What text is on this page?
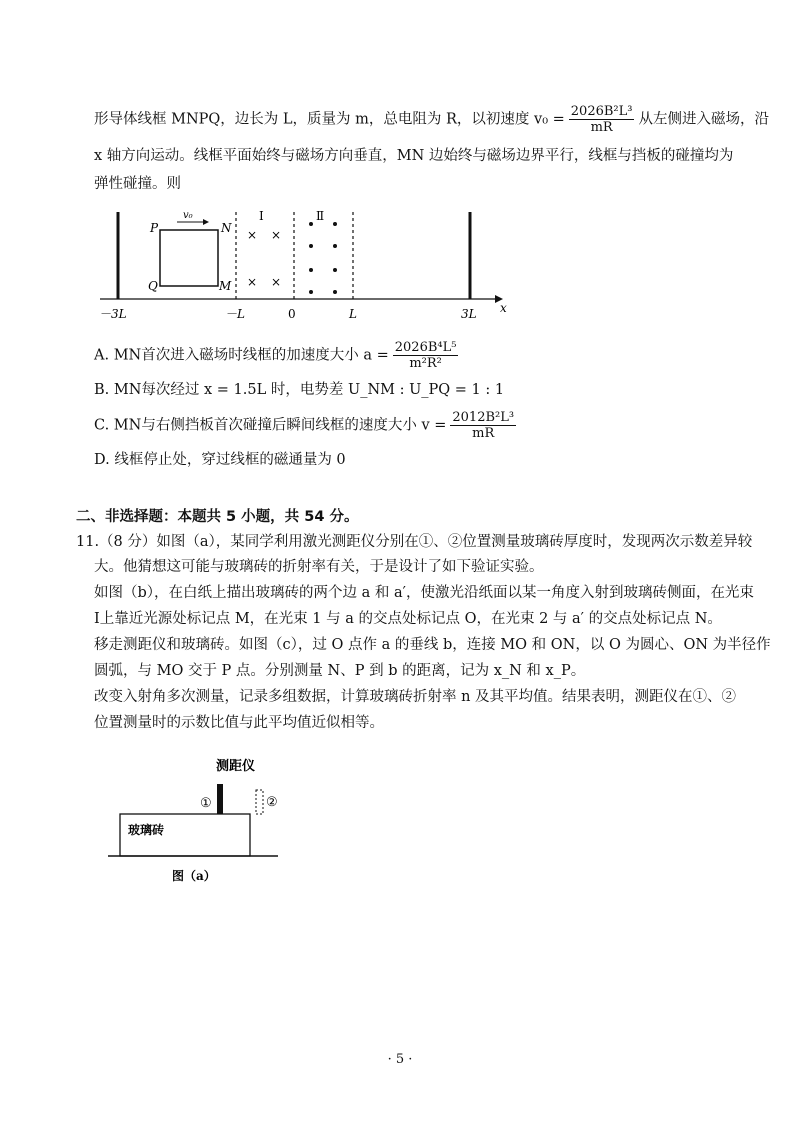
形导体线框 MNPQ，边长为 L，质量为 m，总电阻为 R，以初速度 $v_0 = \frac{\text{2026B²L³}}{mR}$ 从左侧进入磁场，沿
x 轴方向运动。线框平面始终与磁场方向垂直，MN 边始终与磁场边界平行，线框与挡板的碰撞均为
弹性碰撞。则
x
P	N
Q	M
v₀	Ⅰ	Ⅱ
× ×
× ×
－3L	－L	0	L	3L
A. MN首次进入磁场时线框的加速度大小 $a = \frac{\text{2026B⁴L⁵}}{\text{m²R²}}$
B. MN每次经过 x = 1.5L 时，电势差 U_NM : U_PQ = 1 : 1
C. MN与右侧挡板首次碰撞后瞬间线框的速度大小 $v = \frac{\text{2012B²L³}}{mR}$
D. 线框停止处，穿过线框的磁通量为 0
二、非选择题：本题共 5 小题，共 54 分。
11.（8 分）如图（a），某同学利用激光测距仪分别在①、②位置测量玻璃砖厚度时，发现两次示数差异较
大。他猜想这可能与玻璃砖的折射率有关，于是设计了如下验证实验。
如图（b），在白纸上描出玻璃砖的两个边 a 和 a′，使激光沿纸面以某一角度入射到玻璃砖侧面，在光束
Ⅰ上靠近光源处标记点 M，在光束 1 与 a 的交点处标记点 O，在光束 2 与 a′ 的交点处标记点 N。
移走测距仪和玻璃砖。如图（c），过 O 点作 a 的垂线 b，连接 MO 和 ON，以 O 为圆心、ON 为半径作
圆弧，与 MO 交于 P 点。分别测量 N、P 到 b 的距离，记为 x_N 和 x_P。
改变入射角多次测量，记录多组数据，计算玻璃砖折射率 n 及其平均值。结果表明，测距仪在①、②
位置测量时的示数比值与此平均值近似相等。
测距仪
①	②
玻璃砖
图（a）
· 5 ·
